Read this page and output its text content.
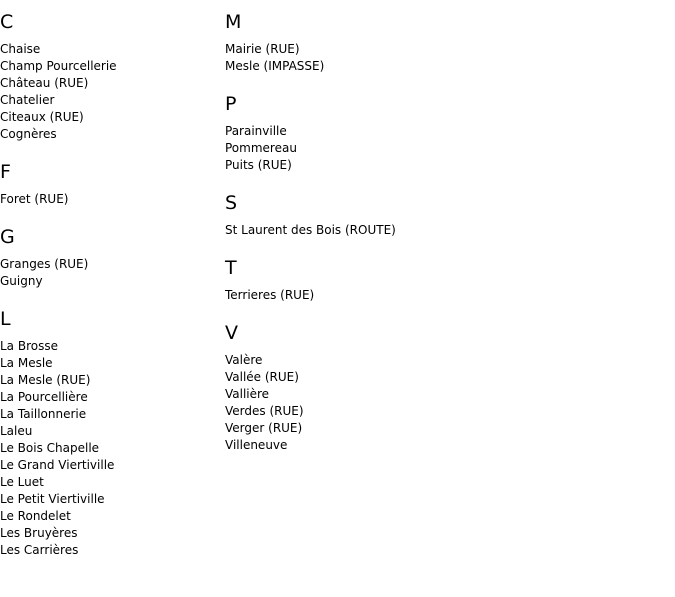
C
Chaise
Champ Pourcellerie
Château (RUE)
Chatelier
Citeaux (RUE)
Cognères
F
Foret (RUE)
G
Granges (RUE)
Guigny
L
La Brosse
La Mesle
La Mesle (RUE)
La Pourcellière
La Taillonnerie
Laleu
Le Bois Chapelle
Le Grand Viertiville
Le Luet
Le Petit Viertiville
Le Rondelet
Les Bruyères
Les Carrières
M
Mairie (RUE)
Mesle (IMPASSE)
P
Parainville
Pommereau
Puits (RUE)
S
St Laurent des Bois (ROUTE)
T
Terrieres (RUE)
V
Valère
Vallée (RUE)
Vallière
Verdes (RUE)
Verger (RUE)
Villeneuve
